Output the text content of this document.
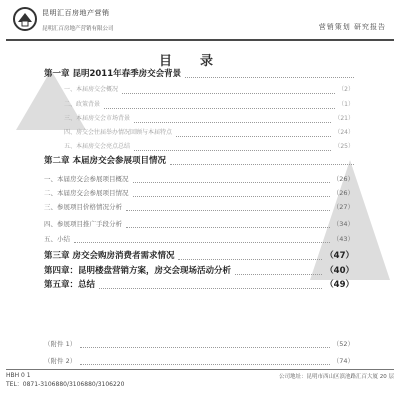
昆明汇百房地产营销
昆明汇百房地产营销有限公司	营销策划 研究报告
目录
第一章 昆明2011年春季房交会背景
一、本届房交会概况	（2）
二、政策背景	（1）
三、本届房交会市场背景	（21）
四、房交会往届举办情况回顾与本届特点	（24）
五、本届房交会亮点总结	（25）
第二章 本届房交会参展项目情况
一、本届房交会参展项目概况	（26）
二、本届房交会参展项目情况	（26）
三、参展项目价格情况分析	（27）
四、参展项目推广手段分析	（34）
五、小结	（43）
第三章 房交会购房消费者需求情况	（47）
第四章：昆明楼盘营销方案，房交会现场活动分析	（40）
第五章：总结	（49）
（附件 1）	（52）
（附件 2）	（74）
HBH 0 1
TEL：0871-3106880/3106880/3106220
公司地址：昆明市西山区滇池路汇百大厦 20 层
